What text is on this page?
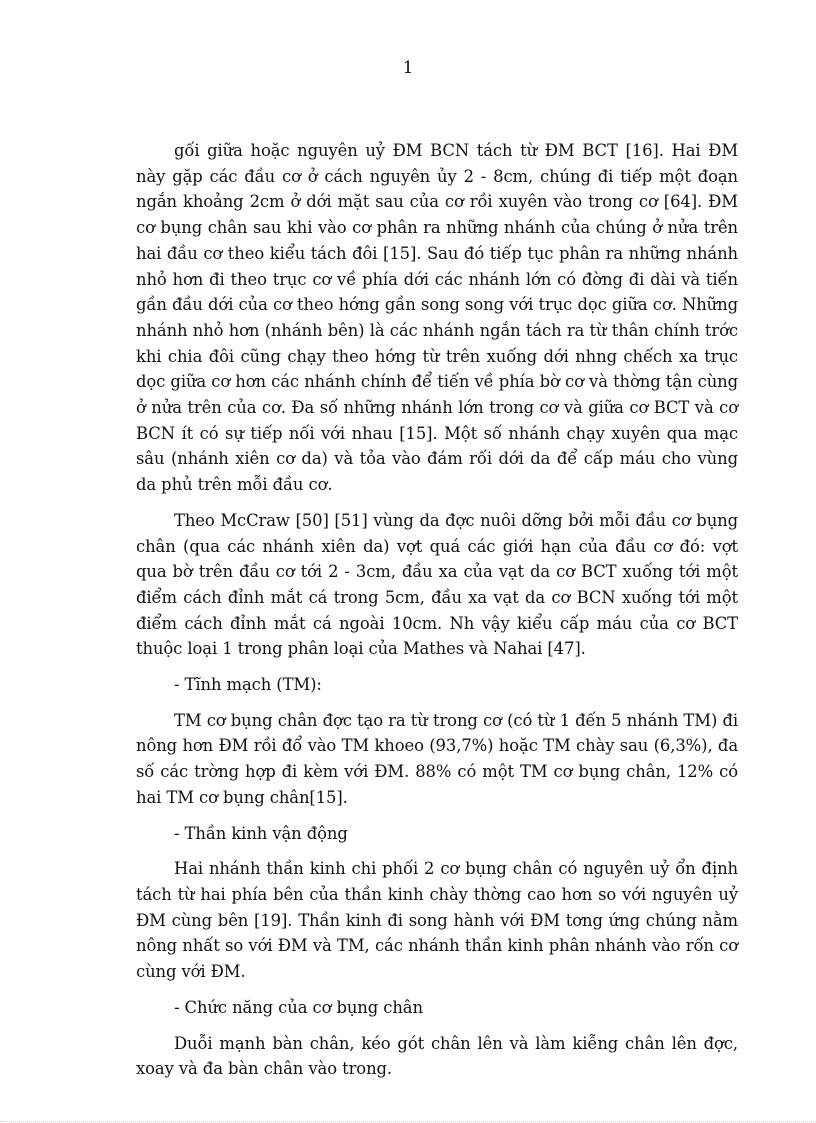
1

gối giữa hoặc nguyên uỷ ĐM BCN tách từ ĐM BCT [16]. Hai ĐM này gặp các đầu cơ ở cách nguyên ủy 2 - 8cm, chúng đi tiếp một đoạn ngắn khoảng 2cm ở dới mặt sau của cơ rồi xuyên vào trong cơ [64]. ĐM cơ bụng chân sau khi vào cơ phân ra những nhánh của chúng ở nửa trên hai đầu cơ theo kiểu tách đôi [15]. Sau đó tiếp tục phân ra những nhánh nhỏ hơn đi theo trục cơ về phía dới các nhánh lớn có đờng đi dài và tiến gần đầu dới của cơ theo hớng gần song song với trục dọc giữa cơ. Những nhánh nhỏ hơn (nhánh bên) là các nhánh ngắn tách ra từ thân chính trớc khi chia đôi cũng chạy theo hớng từ trên xuống dới nhng chếch xa trục dọc giữa cơ hơn các nhánh chính để tiến về phía bờ cơ và thờng tận cùng ở nửa trên của cơ. Đa số những nhánh lớn trong cơ và giữa cơ BCT và cơ BCN ít có sự tiếp nối với nhau [15]. Một số nhánh chạy xuyên qua mạc sâu (nhánh xiên cơ da) và tỏa vào đám rối dới da để cấp máu cho vùng da phủ trên mỗi đầu cơ.

Theo McCraw [50] [51] vùng da đợc nuôi dỡng bởi mỗi đầu cơ bụng chân (qua các nhánh xiên da) vợt quá các giới hạn của đầu cơ đó: vợt qua bờ trên đầu cơ tới 2 - 3cm, đầu xa của vạt da cơ BCT xuống tới một điểm cách đỉnh mắt cá trong 5cm, đầu xa vạt da cơ BCN xuống tới một điểm cách đỉnh mắt cá ngoài 10cm. Nh vậy kiểu cấp máu của cơ BCT thuộc loại 1 trong phân loại của Mathes và Nahai [47].

- Tĩnh mạch (TM):

TM cơ bụng chân đợc tạo ra từ trong cơ (có từ 1 đến 5 nhánh TM) đi nông hơn ĐM rồi đổ vào TM khoeo (93,7%) hoặc TM chày sau (6,3%), đa số các trờng hợp đi kèm với ĐM. 88% có một TM cơ bụng chân, 12% có hai TM cơ bụng chân[15].

- Thần kinh vận động

Hai nhánh thần kinh chi phối 2 cơ bụng chân có nguyên uỷ ổn định tách từ hai phía bên của thần kinh chày thờng cao hơn so với nguyên uỷ ĐM cùng bên [19]. Thần kinh đi song hành với ĐM tơng ứng chúng nằm nông nhất so với ĐM và TM, các nhánh thần kinh phân nhánh vào rốn cơ cùng với ĐM.

- Chức năng của cơ bụng chân

Duỗi mạnh bàn chân, kéo gót chân lên và làm kiễng chân lên đợc, xoay và đa bàn chân vào trong.
